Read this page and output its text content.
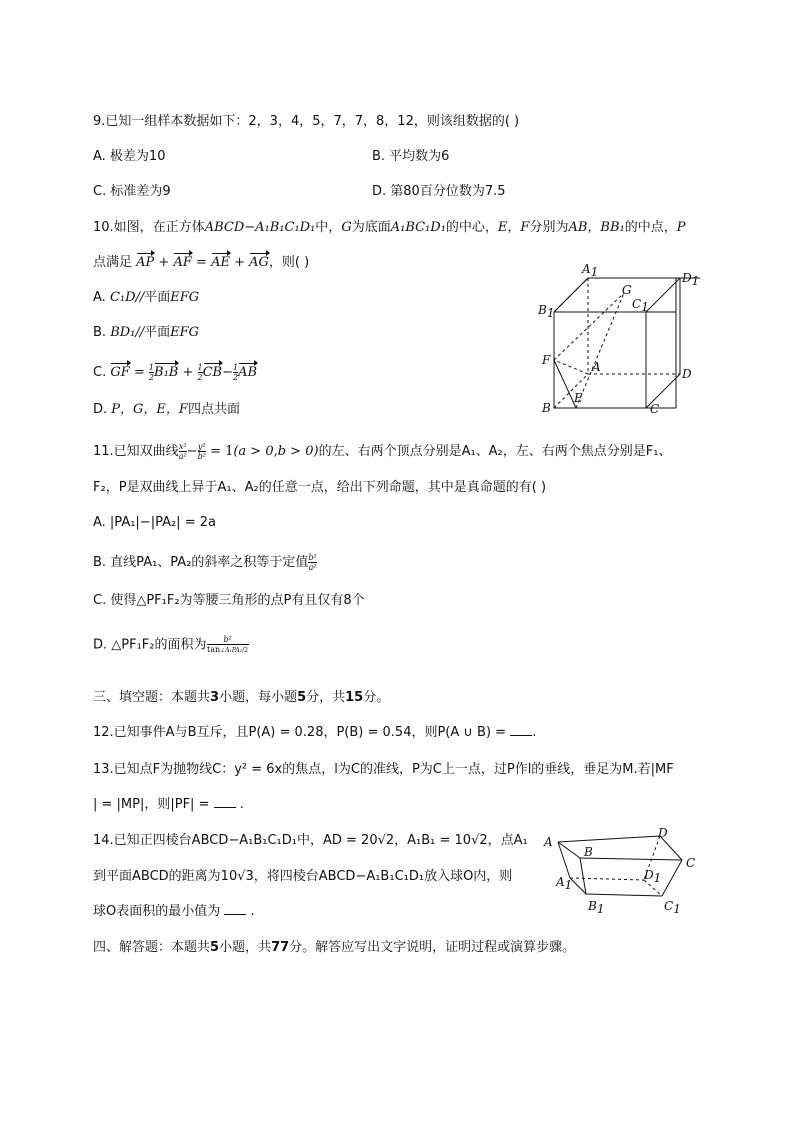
9.已知一组样本数据如下：2，3，4，5，7，7，8，12，则该组数据的( )
A. 极差为10	B. 平均数为6
C. 标准差为9	D. 第80百分位数为7.5
10.如图，在正方体ABCD−A₁B₁C₁D₁中，G为底面A₁BC₁D₁的中心，E，F分别为AB，BB₁的中点，P
点满足 AP + AF = AE + AG，则( )
A. C₁D//平面EFG
B. BD₁//平面EFG
C. GF = $\frac{1}{2} B_1B + \frac{1}{2} CB- \frac{1}{2}$ AB
D. P，G，E，F四点共面
A1	D1
B1
G
C1
F	A	D
B
E
C
11.已知双曲线 $\frac{\text{x²}}{\text{a²}} - \frac{\text{y²}}{\text{b²}} = 1(a > 0,b > 0)$的左、右两个顶点分别是A₁、A₂，左、右两个焦点分别是F₁、
F₂，P是双曲线上异于A₁、A₂的任意一点，给出下列命题，其中是真命题的有( )
A. |PA₁|−|PA₂| = 2a
B. 直线PA₁、PA₂的斜率之积等于定值 $\frac{\text{b²}}{\text{a²}}$
C. 使得△PF₁F₂为等腰三角形的点P有且仅有8个
D. △PF₁F₂的面积为 $\frac{\text{b²}}{\text{tan∠A₁PA₂/2}}$
三、填空题：本题共3小题，每小题5分，共15分。
12.已知事件A与B互斥，且P(A) = 0.28，P(B) = 0.54，则P(A ∪ B) = .
13.已知点F为抛物线C：y² = 6x的焦点，l为C的准线，P为C上一点，过P作l的垂线，垂足为M.若|MF
| = |MP|，则|PF| =  .
14.已知正四棱台ABCD−A₁B₁C₁D₁中，AD = 20√2，A₁B₁ = 10√2，点A₁
到平面ABCD的距离为10√3，将四棱台ABCD−A₁B₁C₁D₁放入球O内，则
球O表面积的最小值为  .
A
B
D
C
A1
D1
B1	C1
四、解答题：本题共5小题，共77分。解答应写出文字说明，证明过程或演算步骤。
